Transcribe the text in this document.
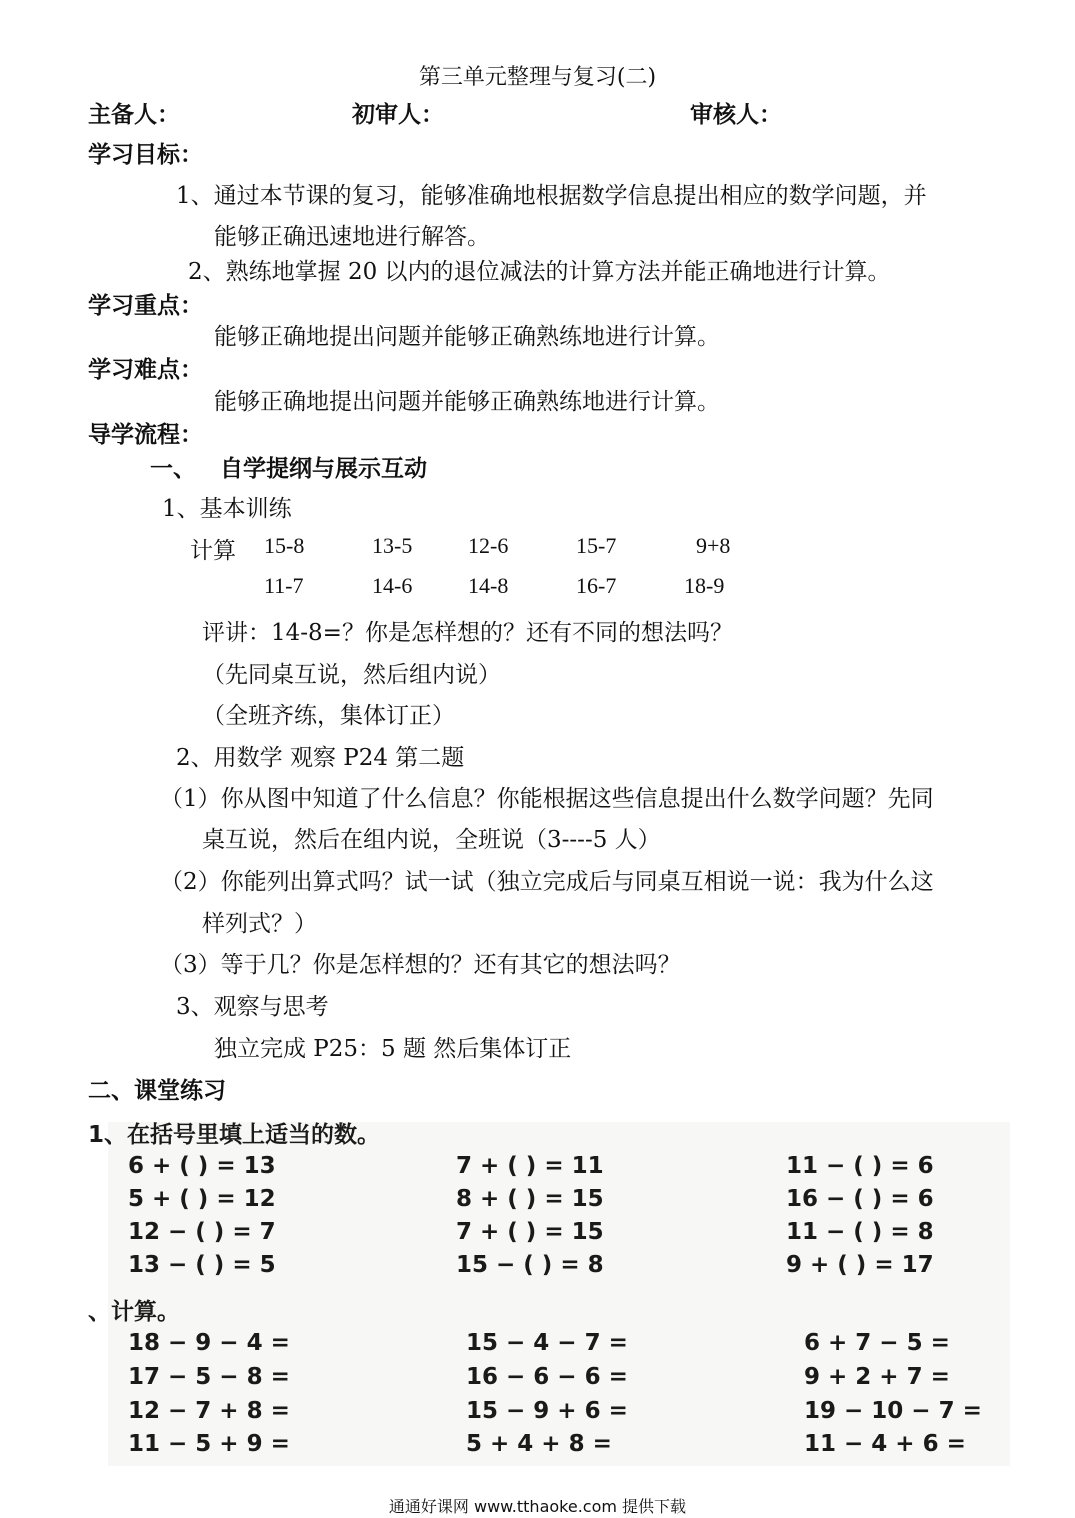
第三单元整理与复习(二)
主备人：	初审人：	审核人：
学习目标：
1、通过本节课的复习，能够准确地根据数学信息提出相应的数学问题，并
能够正确迅速地进行解答。
2、熟练地掌握 20 以内的退位减法的计算方法并能正确地进行计算。
学习重点：
能够正确地提出问题并能够正确熟练地进行计算。
学习难点：
能够正确地提出问题并能够正确熟练地进行计算。
导学流程：
一、 自学提纲与展示互动
1、基本训练
计算 15-8	13-5	12-6	15-7	9+8
11-7	14-6	14-8	16-7	18-9
评讲：14-8=？你是怎样想的？还有不同的想法吗？
（先同桌互说，然后组内说）
（全班齐练，集体订正）
2、用数学 观察 P24 第二题
（1）你从图中知道了什么信息？你能根据这些信息提出什么数学问题？先同
桌互说，然后在组内说，全班说（3----5 人）
（2）你能列出算式吗？试一试（独立完成后与同桌互相说一说：我为什么这
样列式？）
（3）等于几？你是怎样想的？还有其它的想法吗？
3、观察与思考
独立完成 P25：5 题 然后集体订正
二、课堂练习
1、在括号里填上适当的数。
6 + ( ) = 13	7 + ( ) = 11	11 − ( ) = 6
5 + ( ) = 12	8 + ( ) = 15	16 − ( ) = 6
12 − ( ) = 7	7 + ( ) = 15	11 − ( ) = 8
13 − ( ) = 5	15 − ( ) = 8	9 + ( ) = 17
、计算。
18 − 9 − 4 =	15 − 4 − 7 =	6 + 7 − 5 =
17 − 5 − 8 =	16 − 6 − 6 =	9 + 2 + 7 =
12 − 7 + 8 =	15 − 9 + 6 =	19 − 10 − 7 =
11 − 5 + 9 =	5 + 4 + 8 =	11 − 4 + 6 =
通通好课网 www.tthaoke.com 提供下载
